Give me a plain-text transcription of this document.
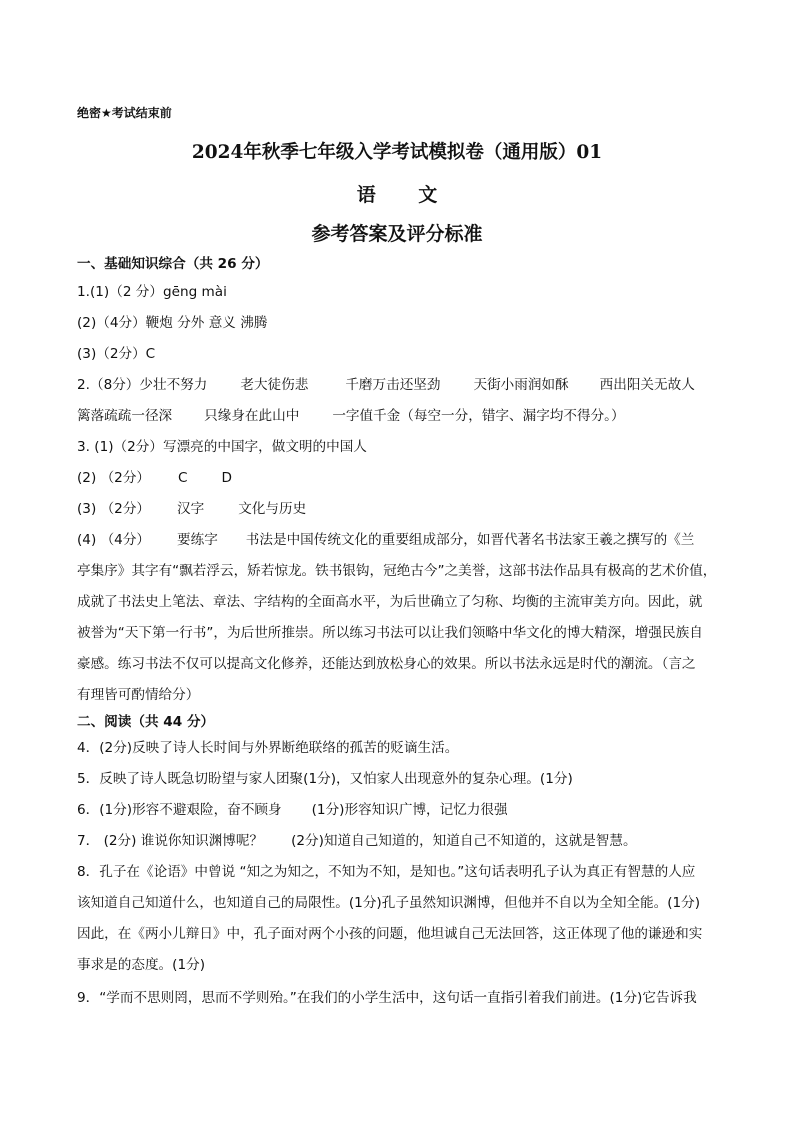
绝密★考试结束前
2024年秋季七年级入学考试模拟卷（通用版）01
语 文
参考答案及评分标准
一、基础知识综合（共 26 分）
1.(1)（2 分）gēng mài
(2)（4分）鞭炮 分外 意义 沸腾
(3)（2分）C
2.（8分）少壮不努力 老大徒伤悲	千磨万击还坚劲 天街小雨润如酥 西出阳关无故人
篱落疏疏一径深 只缘身在此山中 一字值千金（每空一分，错字、漏字均不得分。）
3. (1)（2分）写漂亮的中国字，做文明的中国人
(2) （2分） C	D
(3) （2分） 汉字	文化与历史
(4) （4分） 要练字 书法是中国传统文化的重要组成部分，如晋代著名书法家王羲之撰写的《兰
亭集序》其字有“飘若浮云，矫若惊龙。铁书银钩，冠绝古今”之美誉，这部书法作品具有极高的艺术价值，
成就了书法史上笔法、章法、字结构的全面高水平，为后世确立了匀称、均衡的主流审美方向。因此，就
被誉为“天下第一行书”，为后世所推崇。所以练习书法可以让我们领略中华文化的博大精深，增强民族自
豪感。练习书法不仅可以提高文化修养，还能达到放松身心的效果。所以书法永远是时代的潮流。（言之
有理皆可酌情给分）
二、阅读（共 44 分）
4．(2分)反映了诗人长时间与外界断绝联络的孤苦的贬谪生活。
5．反映了诗人既急切盼望与家人团聚(1分)，又怕家人出现意外的复杂心理。(1分)
6．(1分)形容不避艰险，奋不顾身 (1分)形容知识广博，记忆力很强
7． (2分) 谁说你知识渊博呢？ (2分)知道自己知道的，知道自己不知道的，这就是智慧。
8．孔子在《论语》中曾说 “知之为知之，不知为不知，是知也。”这句话表明孔子认为真正有智慧的人应
该知道自己知道什么，也知道自己的局限性。(1分)孔子虽然知识渊博，但他并不自以为全知全能。(1分)
因此，在《两小儿辩日》中，孔子面对两个小孩的问题，他坦诚自己无法回答，这正体现了他的谦逊和实
事求是的态度。(1分)
9．“学而不思则罔，思而不学则殆。”在我们的小学生活中，这句话一直指引着我们前进。(1分)它告诉我
